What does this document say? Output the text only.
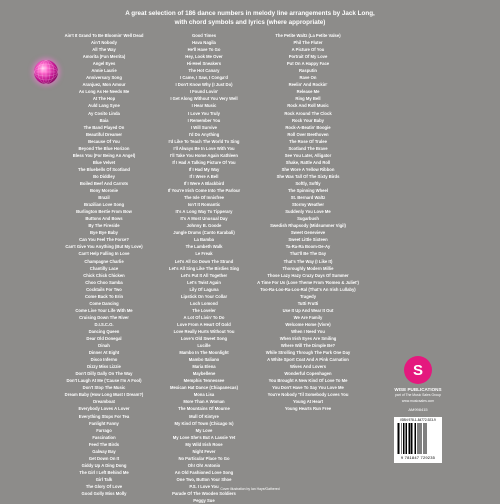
A great selection of 186 dance numbers in melody line arrangements by Jack Long,
with chord symbols and lyrics (where appropriate)
Ain't It Grand To Be Bloomin' Well Dead
Ain't Nobody
All The Way
Amorita (Fun Merrita)
Angel Eyes
Annie Laurie
Anniversary Song
Aranjuez, Mon Amour
As Long As He Needs Me
At The Hop
Auld Lang Syne
Ay Cosito Linda
Baia
The Band Played On
Beautiful Dreamer
Because Of You
Beyond The Blue Horizon
Bless You (For Being An Angel)
Blue Velvet
The Bluebells Of Scotland
Bo Diddley
Boiled Beef And Carrots
Bony Moronie
Brazil
Brazilian Love Song
Burlington Bertie From Bow
Buttons And Bows
By The Fireside
Bye Bye Baby
Can You Feel The Force?
Can't Give You Anything (But My Love)
Can't Help Falling In Love
Champagne Charlie
Chantilly Lace
Chick Chick Chicken
Choo Choo Samba
Cocktails For Two
Come Back To Erin
Come Dancing
Come Live Your Life With Me
Cruising Down The River
D.I.S.C.O.
Dancing Queen
Dear Old Donegal
Dinah
Dinner At Eight
Disco Inferno
Dizzy Miss Lizzie
Don't Dilly Dally On The Way
Don't Laugh At Me ('Cause I'm A Fool)
Don't Stop The Music
Dream Baby (How Long Must I Dream?)
Dreamboat
Everybody Loves A Lover
Everything Stops For Tea
Fanlight Fanny
Farrago
Fascination
Feed The Birds
Galway Bay
Get Down On It
Giddy Up A Ding Dong
The Girl I Left Behind Me
Girl Talk
The Glory Of Love
Good Golly Miss Molly
Good Times
Hava Nagila
He'll Have To Go
Hey, Look Me Over
Hi-Heel Sneakers
The Hot Canary
I Came, I Saw, I Conga'd
I Don't Know Why (I Just Do)
I Found Lovin'
I Get Along Without You Very Well
I Hear Music
I Love You Truly
I Remember You
I Will Survive
I'd Do Anything
I'd Like To Teach The World To Sing
I'll Always Be In Love With You
I'll Take You Home Again Kathleen
If I Had A Talking Picture Of You
If I Had My Way
If I Were A Bell
If I Were A Blackbird
If You're Irish Come Into The Parlour
The Isle Of Innisfree
Isn't It Romantic
It's A Long Way To Tipperary
It's A Most Unusual Day
Johnny B. Goode
Jungle Drums (Canto Karabali)
La Bamba
The Lambeth Walk
Le Freak
Let's All Go Down The Strand
Let's All Sing Like The Birdies Sing
Let's Put It All Together
Let's Twist Again
Lily Of Laguna
Lipstick On Your Collar
Loch Lomond
The Loveler
A Lot Of Livin' To Do
Love From A Heart Of Gold
Love Really Hurts Without You
Love's Old Sweet Song
Lucille
Mambo In The Moonlight
Mambo Italiano
Maria Elena
Maybellene
Memphis Tennessee
Mexican Hat Dance (Chiapanecas)
Mona Lisa
More Than A Woman
The Mountains Of Mourne
Mull Of Kintyre
My Kind Of Town (Chicago Is)
My Love
My Love She's But A Lassie Yet
My Wild Irish Rose
Night Fever
No Particular Place To Go
Oh! Oh! Antonio
An Old Fashioned Love Song
One Two, Button Your Shoe
P.S. I Love You
Parade Of The Wooden Soldiers
Peggy Sue
The Petite Waltz (La Petite Valse)
Phil The Fluter
A Picture Of You
Portrait Of My Love
Put On A Happy Face
Rasputin
Rave On
Reelin' And Rockin'
Release Me
Ring My Bell
Rock And Roll Music
Rock Around The Clock
Rock Your Baby
Rock-A-Beatin' Boogie
Roll Over Beethoven
The Rose Of Tralee
Scotland The Brave
See You Later, Alligator
Shake, Rattle And Roll
She Wore A Yellow Ribbon
She Was Tall Of The Sixty Birds
Softly, Softly
The Spinning Wheel
St. Bernard Waltz
Stormy Weather
Suddenly You Love Me
Sugarbush
Swedish Rhapsody (Midsummer Vigil)
Sweet Genevieve
Sweet Little Sixteen
Ta-Ra-Ra Boom-De-Ay
That'll Be The Day
That's The Way (I Like It)
Thoroughly Modern Millie
Those Lazy Hazy Crazy Days Of Summer
A Time For Us (Love Theme From 'Romeo & Juliet')
Too-Ra-Loo-Ra-Loo-Ral (That's An Irish Lullaby)
Tragedy
Tutti Frutti
Use It Up And Wear It Out
We Are Family
Welcome Home (Vivre)
When I Need You
When Irish Eyes Are Smiling
Where Will The Dimple Be?
While Strolling Through The Park One Day
A White Sport Coat And A Pink Carnation
Wives And Lovers
Wonderful Copenhagen
You Brought A New Kind Of Love To Me
You Don't Have To Say You Love Me
You're Nobody 'Til Somebody Loves You
Young At Heart
Young Hearts Run Free
S
WISE PUBLICATIONS
part of The Music Sales Group
www.musicsales.com
AM998415
ISBN 978-1-84772-923-9
9 781847 729235
Cover illustration by Ian Haye/Gathered
